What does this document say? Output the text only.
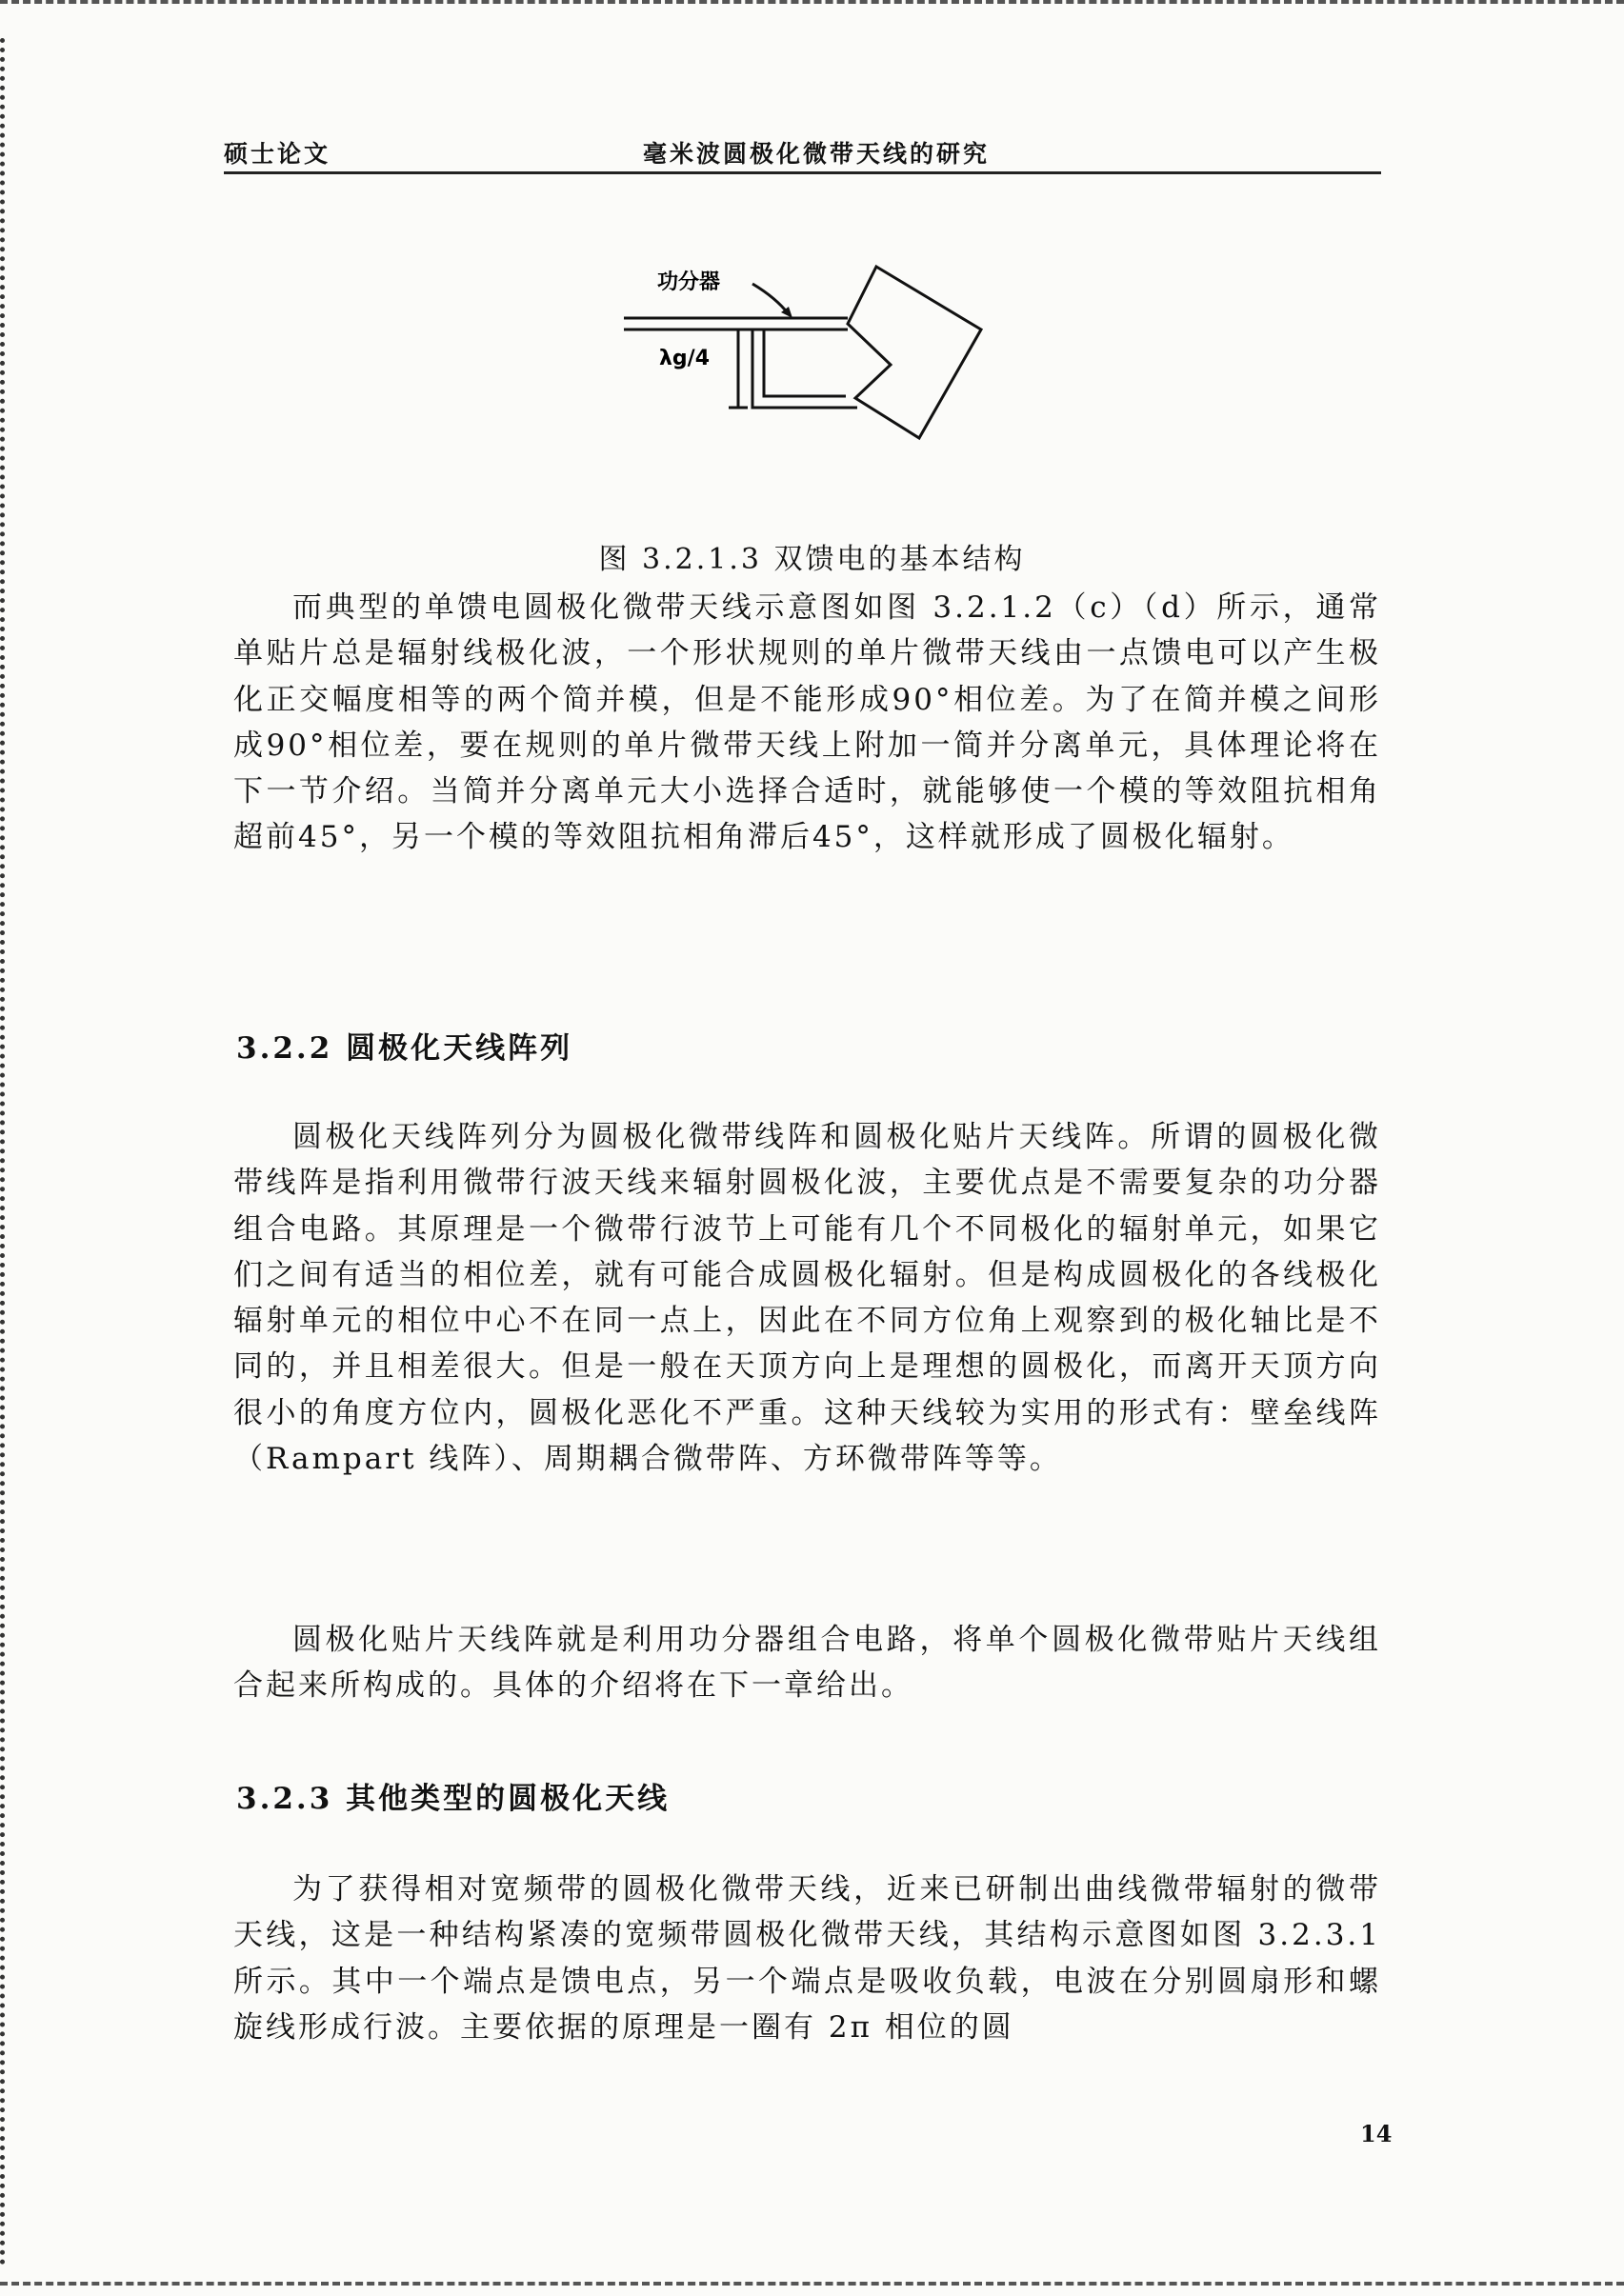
硕士论文	毫米波圆极化微带天线的研究
功分器
λg/4
图 3.2.1.3 双馈电的基本结构

而典型的单馈电圆极化微带天线示意图如图 3.2.1.2（c）（d）所示，通常单贴片总是辐射线极化波，一个形状规则的单片微带天线由一点馈电可以产生极化正交幅度相等的两个简并模，但是不能形成90°相位差。为了在简并模之间形成90°相位差，要在规则的单片微带天线上附加一简并分离单元，具体理论将在下一节介绍。当简并分离单元大小选择合适时，就能够使一个模的等效阻抗相角超前45°，另一个模的等效阻抗相角滞后45°，这样就形成了圆极化辐射。

3.2.2 圆极化天线阵列

圆极化天线阵列分为圆极化微带线阵和圆极化贴片天线阵。所谓的圆极化微带线阵是指利用微带行波天线来辐射圆极化波，主要优点是不需要复杂的功分器组合电路。其原理是一个微带行波节上可能有几个不同极化的辐射单元，如果它们之间有适当的相位差，就有可能合成圆极化辐射。但是构成圆极化的各线极化辐射单元的相位中心不在同一点上，因此在不同方位角上观察到的极化轴比是不同的，并且相差很大。但是一般在天顶方向上是理想的圆极化，而离开天顶方向很小的角度方位内，圆极化恶化不严重。这种天线较为实用的形式有：壁垒线阵（Rampart 线阵）、周期耦合微带阵、方环微带阵等等。

圆极化贴片天线阵就是利用功分器组合电路，将单个圆极化微带贴片天线组合起来所构成的。具体的介绍将在下一章给出。

3.2.3 其他类型的圆极化天线

为了获得相对宽频带的圆极化微带天线，近来已研制出曲线微带辐射的微带天线，这是一种结构紧凑的宽频带圆极化微带天线，其结构示意图如图 3.2.3.1 所示。其中一个端点是馈电点，另一个端点是吸收负载，电波在分别圆扇形和螺旋线形成行波。主要依据的原理是一圈有 2π 相位的圆

14
